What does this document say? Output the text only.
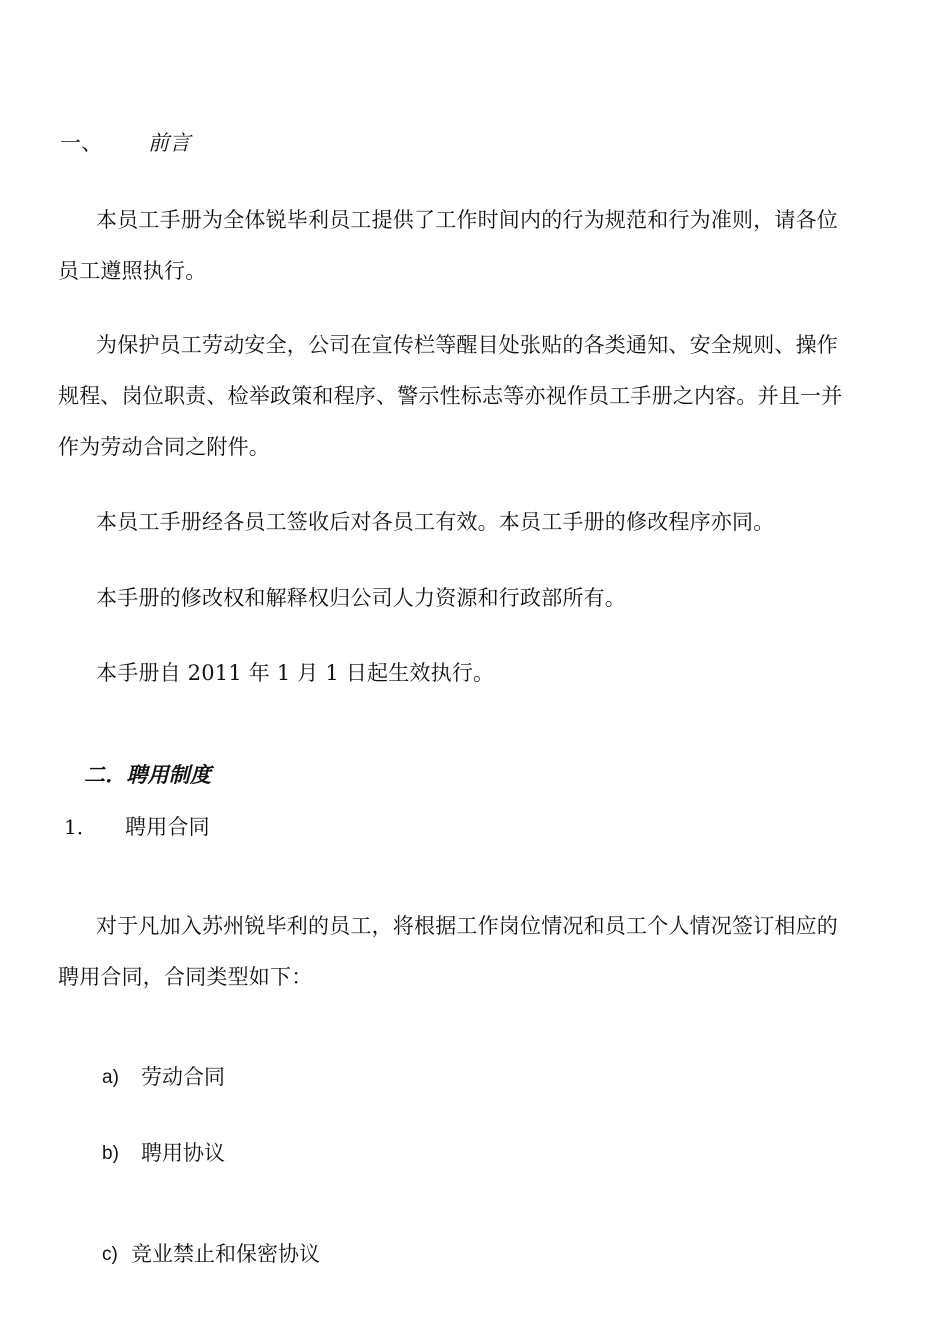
一、 前言
本员工手册为全体锐毕利员工提供了工作时间内的行为规范和行为准则，请各位
员工遵照执行。
为保护员工劳动安全，公司在宣传栏等醒目处张贴的各类通知、安全规则、操作
规程、岗位职责、检举政策和程序、警示性标志等亦视作员工手册之内容。并且一并
作为劳动合同之附件。
本员工手册经各员工签收后对各员工有效。本员工手册的修改程序亦同。
本手册的修改权和解释权归公司人力资源和行政部所有。
本手册自 2011 年 1 月 1 日起生效执行。
二．聘用制度
1． 聘用合同
对于凡加入苏州锐毕利的员工，将根据工作岗位情况和员工个人情况签订相应的
聘用合同，合同类型如下：
a) 劳动合同
b) 聘用协议
c) 竞业禁止和保密协议
